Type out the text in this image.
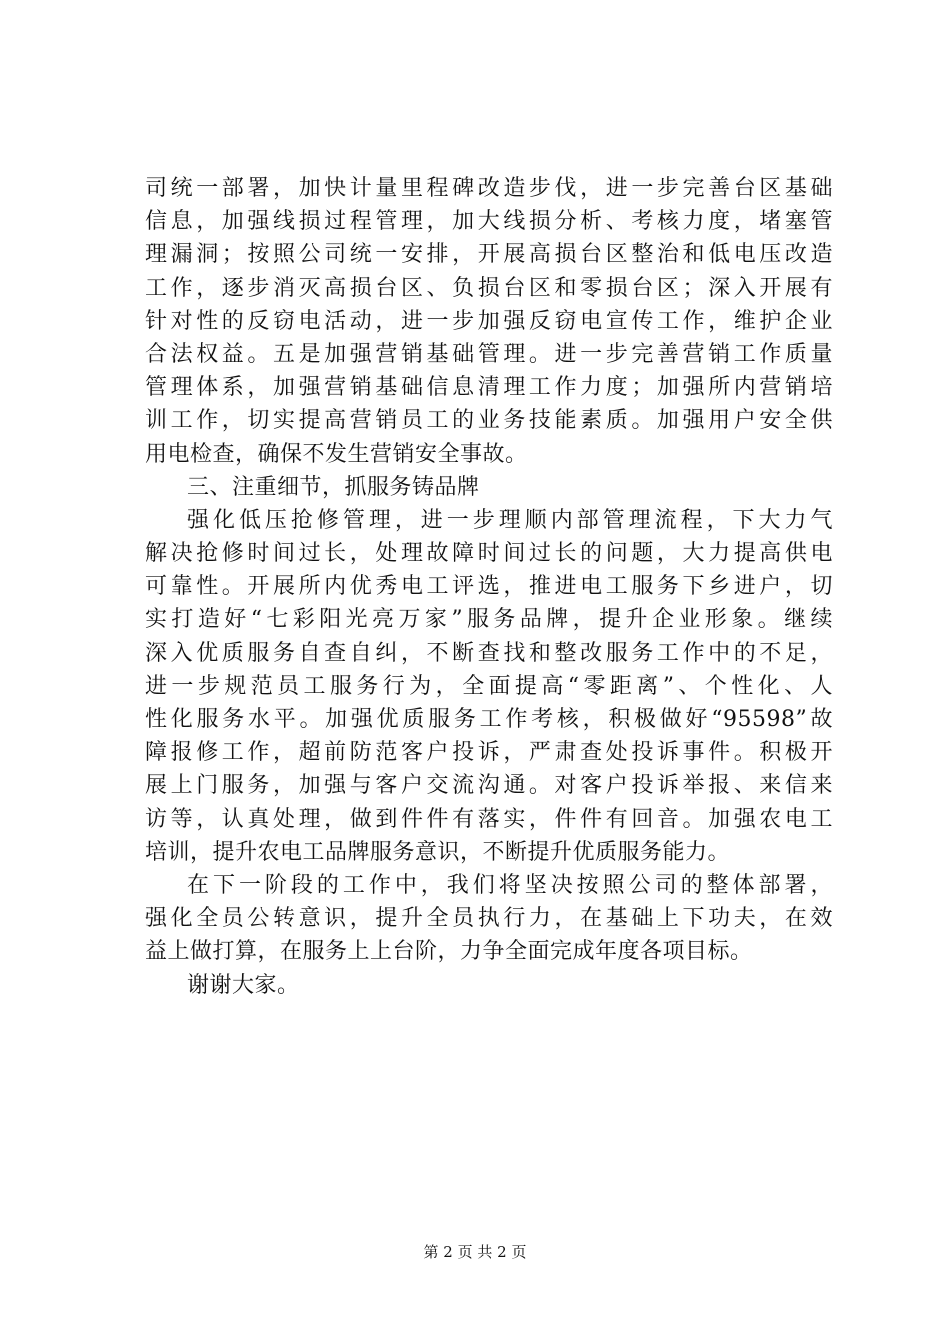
司统一部署，加快计量里程碑改造步伐，进一步完善台区基础
信息，加强线损过程管理，加大线损分析、考核力度，堵塞管
理漏洞；按照公司统一安排，开展高损台区整治和低电压改造
工作，逐步消灭高损台区、负损台区和零损台区；深入开展有
针对性的反窃电活动，进一步加强反窃电宣传工作，维护企业
合法权益。五是加强营销基础管理。进一步完善营销工作质量
管理体系，加强营销基础信息清理工作力度；加强所内营销培
训工作，切实提高营销员工的业务技能素质。加强用户安全供
用电检查，确保不发生营销安全事故。
三、注重细节，抓服务铸品牌
强化低压抢修管理，进一步理顺内部管理流程，下大力气
解决抢修时间过长，处理故障时间过长的问题，大力提高供电
可靠性。开展所内优秀电工评选，推进电工服务下乡进户，切
实打造好“七彩阳光亮万家”服务品牌，提升企业形象。继续
深入优质服务自查自纠，不断查找和整改服务工作中的不足，
进一步规范员工服务行为，全面提高“零距离”、个性化、人
性化服务水平。加强优质服务工作考核，积极做好“95598”故
障报修工作，超前防范客户投诉，严肃查处投诉事件。积极开
展上门服务，加强与客户交流沟通。对客户投诉举报、来信来
访等，认真处理，做到件件有落实，件件有回音。加强农电工
培训，提升农电工品牌服务意识，不断提升优质服务能力。
在下一阶段的工作中，我们将坚决按照公司的整体部署，
强化全员公转意识，提升全员执行力，在基础上下功夫，在效
益上做打算，在服务上上台阶，力争全面完成年度各项目标。
谢谢大家。
第 2 页 共 2 页
